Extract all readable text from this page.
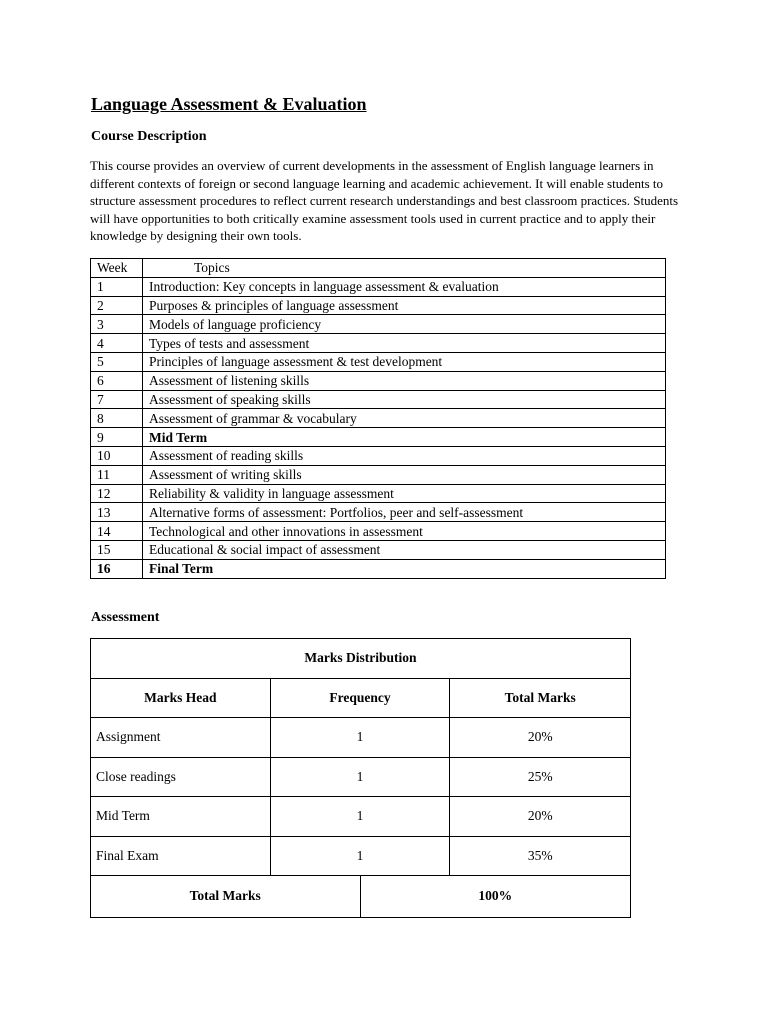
Language Assessment & Evaluation
Course Description

This course provides an overview of current developments in the assessment of English language learners in different contexts of foreign or second language learning and academic achievement. It will enable students to structure assessment procedures to reflect current research understandings and best classroom practices. Students will have opportunities to both critically examine assessment tools used in current practice and to apply their knowledge by designing their own tools.

Week	Topics
1	Introduction: Key concepts in language assessment & evaluation
2	Purposes & principles of language assessment
3	Models of language proficiency
4	Types of tests and assessment
5	Principles of language assessment & test development
6	Assessment of listening skills
7	Assessment of speaking skills
8	Assessment of grammar & vocabulary
9	Mid Term
10	Assessment of reading skills
11	Assessment of writing skills
12	Reliability & validity in language assessment
13	Alternative forms of assessment: Portfolios, peer and self-assessment
14	Technological and other innovations in assessment
15	Educational & social impact of assessment
16	Final Term
Assessment
Marks Distribution		
Marks Head	Frequency	Total Marks
Assignment	1	20%
Close readings	1	25%
Mid Term	1	20%
Final Exam	1	35%
Total Marks	100%
